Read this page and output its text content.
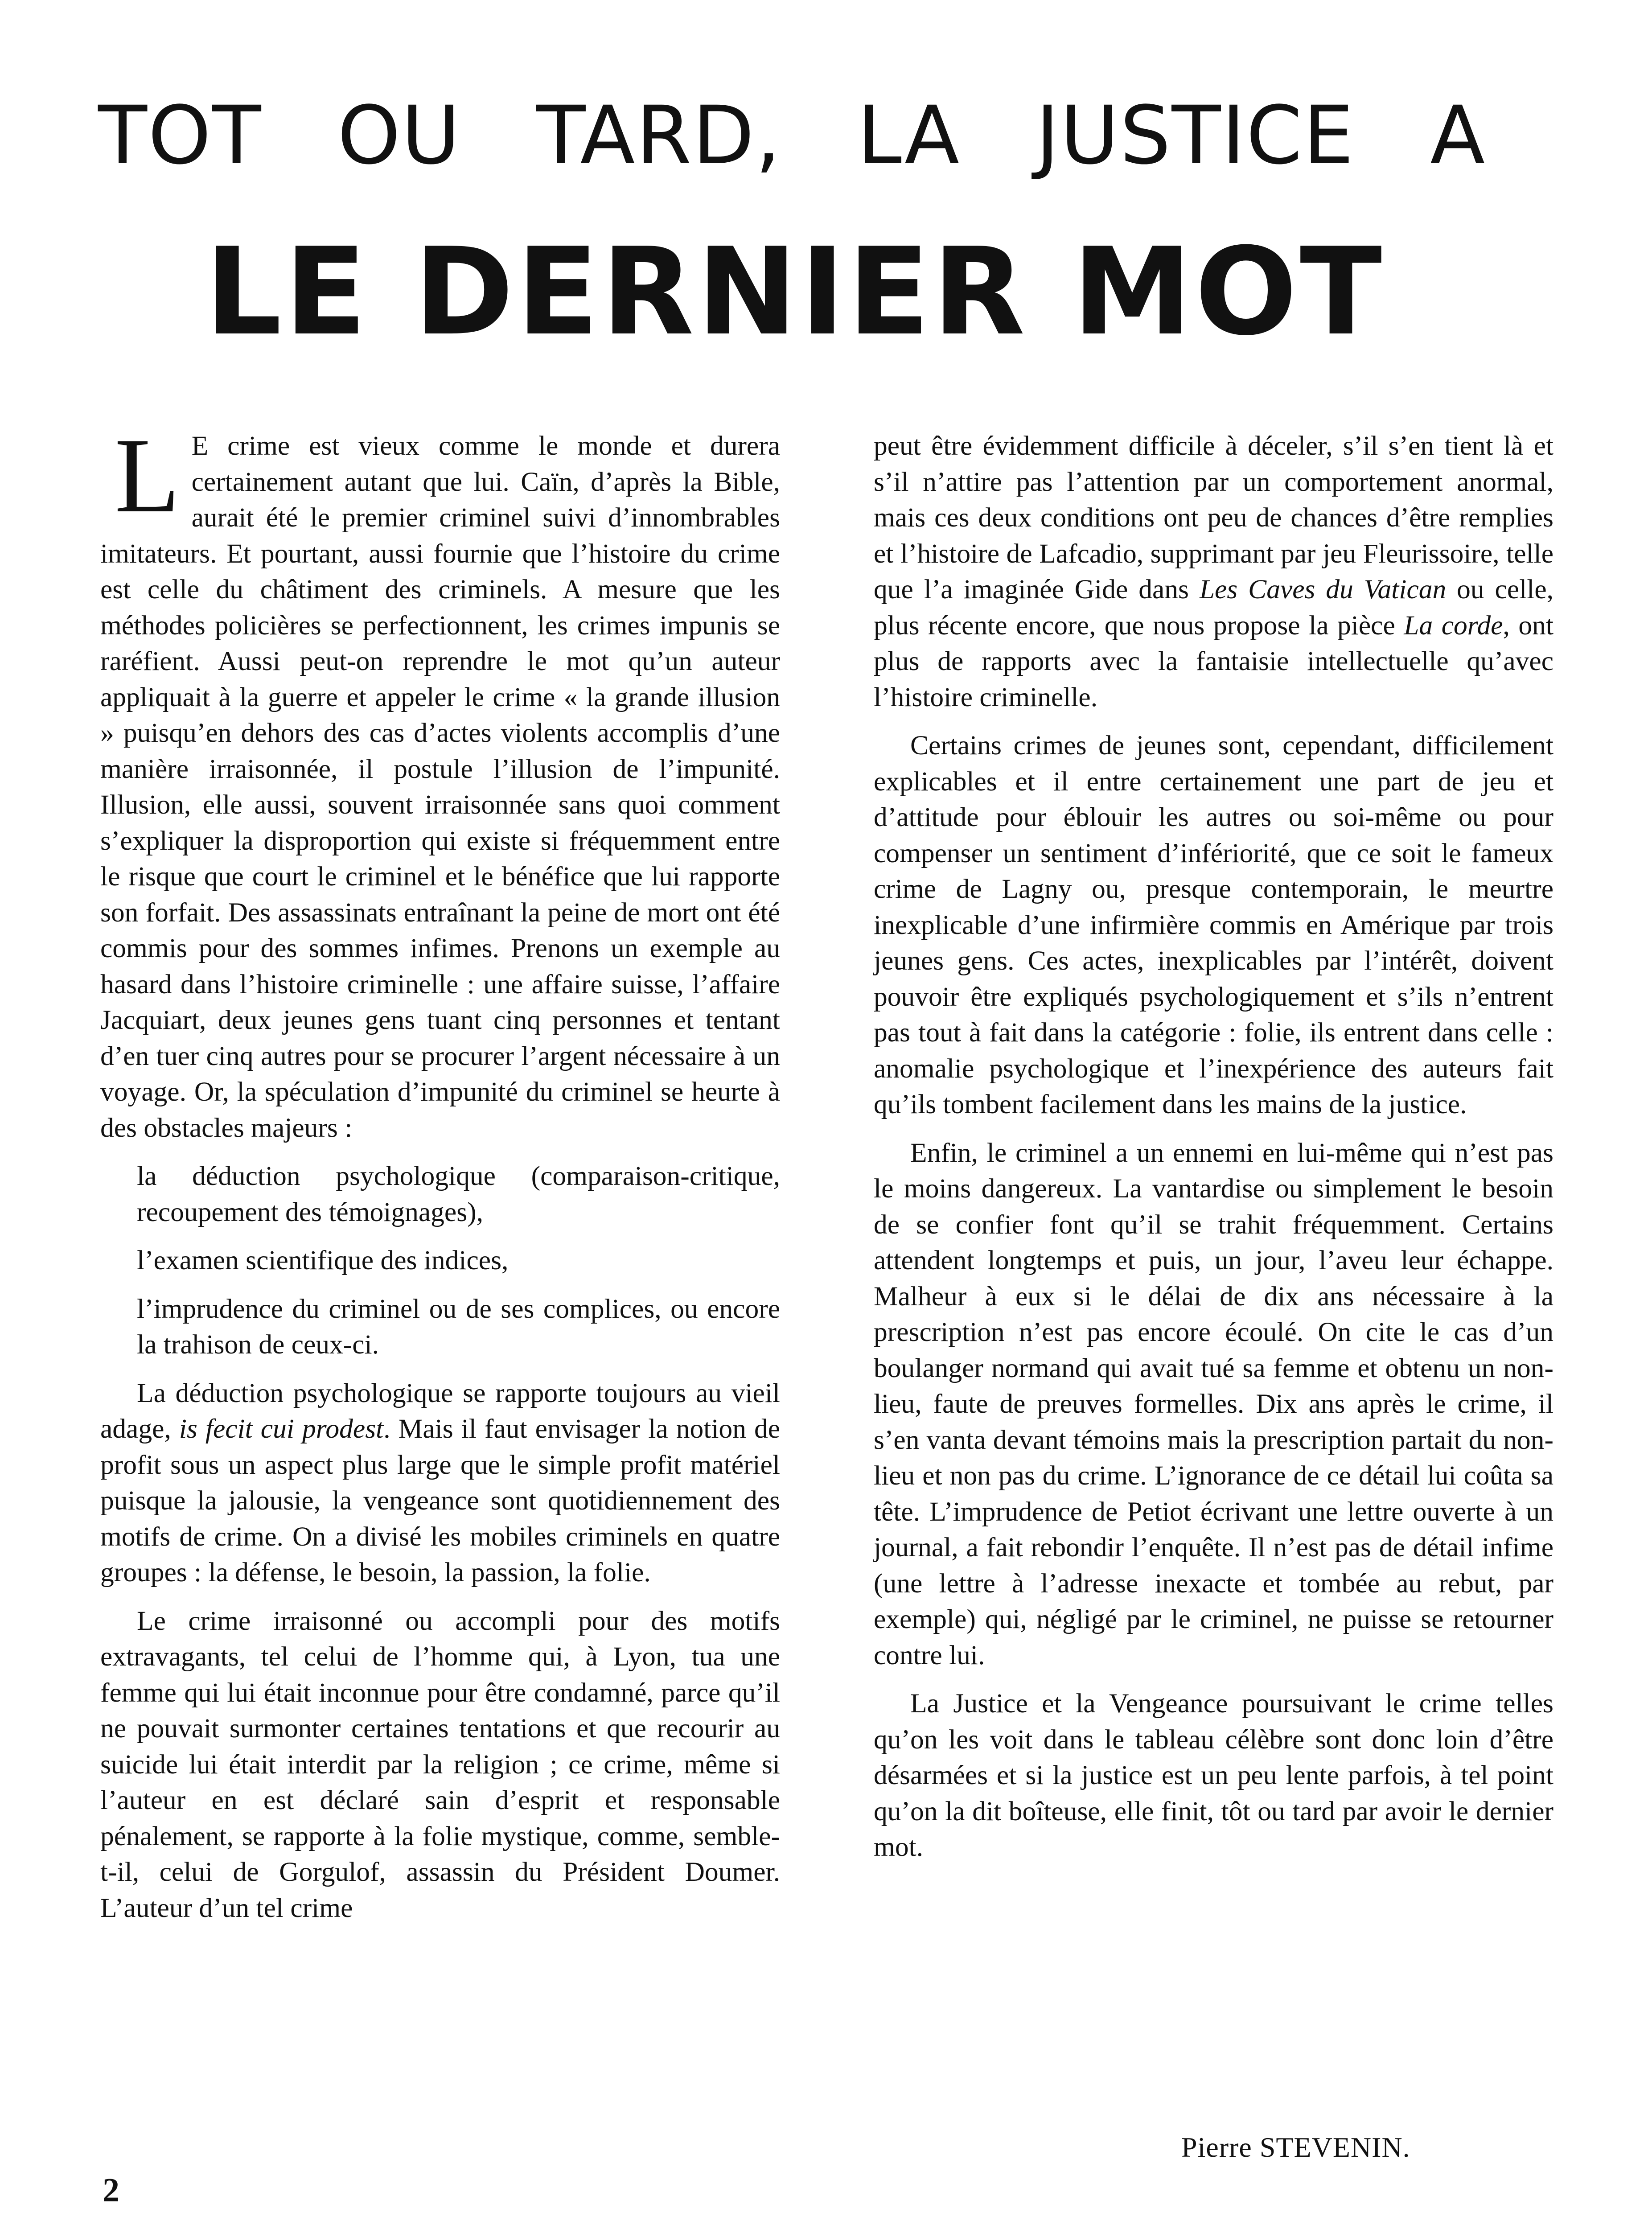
TOT OU TARD, LA JUSTICE A
LE DERNIER MOT

L E crime est vieux comme le monde et durera certainement autant que lui. Caïn, d’après la Bible, aurait été le premier criminel suivi d’innombrables imitateurs. Et pourtant, aussi fournie que l’histoire du crime est celle du châtiment des criminels. A mesure que les méthodes policières se perfectionnent, les crimes impunis se raréfient. Aussi peut-on reprendre le mot qu’un auteur appliquait à la guerre et appeler le crime « la grande illusion » puisqu’en dehors des cas d’actes violents accomplis d’une manière irraisonnée, il postule l’illusion de l’impunité. Illusion, elle aussi, souvent irraisonnée sans quoi comment s’expliquer la disproportion qui existe si fréquemment entre le risque que court le criminel et le bénéfice que lui rapporte son forfait. Des assassinats entraînant la peine de mort ont été commis pour des sommes infimes. Prenons un exemple au hasard dans l’histoire criminelle : une affaire suisse, l’affaire Jacquiart, deux jeunes gens tuant cinq personnes et tentant d’en tuer cinq autres pour se procurer l’argent nécessaire à un voyage. Or, la spéculation d’impunité du criminel se heurte à des obstacles majeurs :

la déduction psychologique (comparaison-critique, recoupement des témoignages),

l’examen scientifique des indices,

l’imprudence du criminel ou de ses complices, ou encore la trahison de ceux-ci.

La déduction psychologique se rapporte toujours au vieil adage, is fecit cui prodest. Mais il faut envisager la notion de profit sous un aspect plus large que le simple profit matériel puisque la jalousie, la vengeance sont quotidiennement des motifs de crime. On a divisé les mobiles criminels en quatre groupes : la défense, le besoin, la passion, la folie.

Le crime irraisonné ou accompli pour des motifs extravagants, tel celui de l’homme qui, à Lyon, tua une femme qui lui était inconnue pour être condamné, parce qu’il ne pouvait surmonter certaines tentations et que recourir au suicide lui était interdit par la religion ; ce crime, même si l’auteur en est déclaré sain d’esprit et responsable pénalement, se rapporte à la folie mystique, comme, semble-t-il, celui de Gorgulof, assassin du Président Doumer. L’auteur d’un tel crime

peut être évidemment difficile à déceler, s’il s’en tient là et s’il n’attire pas l’attention par un comportement anormal, mais ces deux conditions ont peu de chances d’être remplies et l’histoire de Lafcadio, supprimant par jeu Fleurissoire, telle que l’a imaginée Gide dans Les Caves du Vatican ou celle, plus récente encore, que nous propose la pièce La corde, ont plus de rapports avec la fantaisie intellectuelle qu’avec l’histoire criminelle.

Certains crimes de jeunes sont, cependant, difficilement explicables et il entre certainement une part de jeu et d’attitude pour éblouir les autres ou soi-même ou pour compenser un sentiment d’infériorité, que ce soit le fameux crime de Lagny ou, presque contemporain, le meurtre inexplicable d’une infirmière commis en Amérique par trois jeunes gens. Ces actes, inexplicables par l’intérêt, doivent pouvoir être expliqués psychologiquement et s’ils n’entrent pas tout à fait dans la catégorie : folie, ils entrent dans celle : anomalie psychologique et l’inexpérience des auteurs fait qu’ils tombent facilement dans les mains de la justice.

Enfin, le criminel a un ennemi en lui-même qui n’est pas le moins dangereux. La vantardise ou simplement le besoin de se confier font qu’il se trahit fréquemment. Certains attendent longtemps et puis, un jour, l’aveu leur échappe. Malheur à eux si le délai de dix ans nécessaire à la prescription n’est pas encore écoulé. On cite le cas d’un boulanger normand qui avait tué sa femme et obtenu un non-lieu, faute de preuves formelles. Dix ans après le crime, il s’en vanta devant témoins mais la prescription partait du non-lieu et non pas du crime. L’ignorance de ce détail lui coûta sa tête. L’imprudence de Petiot écrivant une lettre ouverte à un journal, a fait rebondir l’enquête. Il n’est pas de détail infime (une lettre à l’adresse inexacte et tombée au rebut, par exemple) qui, négligé par le criminel, ne puisse se retourner contre lui.

La Justice et la Vengeance poursuivant le crime telles qu’on les voit dans le tableau célèbre sont donc loin d’être désarmées et si la justice est un peu lente parfois, à tel point qu’on la dit boîteuse, elle finit, tôt ou tard par avoir le dernier mot.

Pierre STEVENIN.
2
